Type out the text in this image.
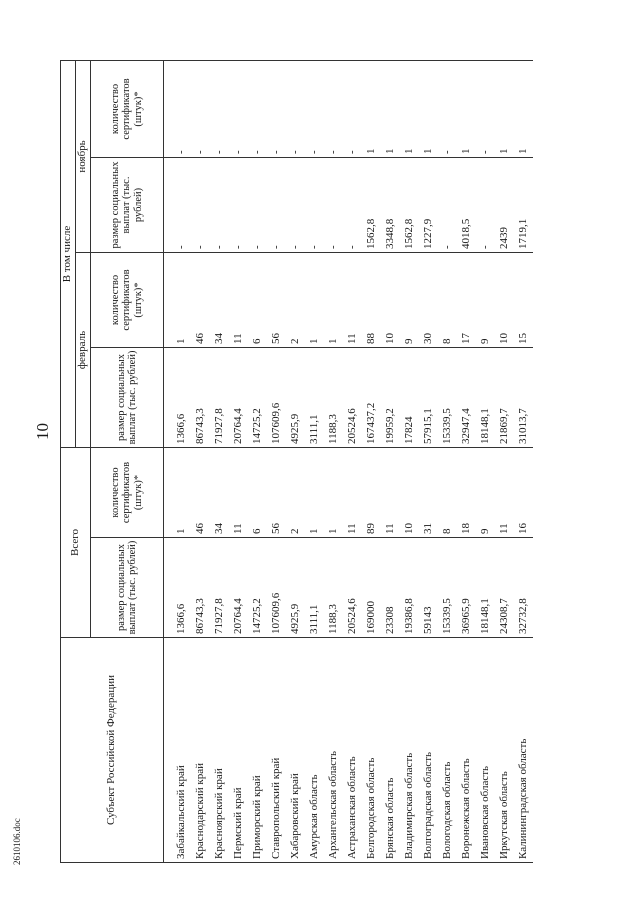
10
2610106.doc
Субъект Российской Федерации	Всего		В том числе			
			февраль		ноябрь	
	размер социальных выплат (тыс. рублей)	количество сертификатов (штук)*	размер социальных выплат (тыс. рублей)	количество сертификатов (штук)*	размер социальных выплат (тыс. рублей)	количество сертификатов (штук)*
Забайкальский край	1366,6	1	1366,6	1	-	-
Краснодарский край	86743,3	46	86743,3	46	-	-
Красноярский край	71927,8	34	71927,8	34	-	-
Пермский край	20764,4	11	20764,4	11	-	-
Приморский край	14725,2	6	14725,2	6	-	-
Ставропольский край	107609,6	56	107609,6	56	-	-
Хабаровский край	4925,9	2	4925,9	2	-	-
Амурская область	3111,1	1	3111,1	1	-	-
Архангельская область	1188,3	1	1188,3	1	-	-
Астраханская область	20524,6	11	20524,6	11	-	-
Белгородская область	169000	89	167437,2	88	1562,8	1
Брянская область	23308	11	19959,2	10	3348,8	1
Владимирская область	19386,8	10	17824	9	1562,8	1
Волгоградская область	59143	31	57915,1	30	1227,9	1
Вологодская область	15339,5	8	15339,5	8	-	-
Воронежская область	36965,9	18	32947,4	17	4018,5	1
Ивановская область	18148,1	9	18148,1	9	-	-
Иркутская область	24308,7	11	21869,7	10	2439	1
Калининградская область	32732,8	16	31013,7	15	1719,1	1
